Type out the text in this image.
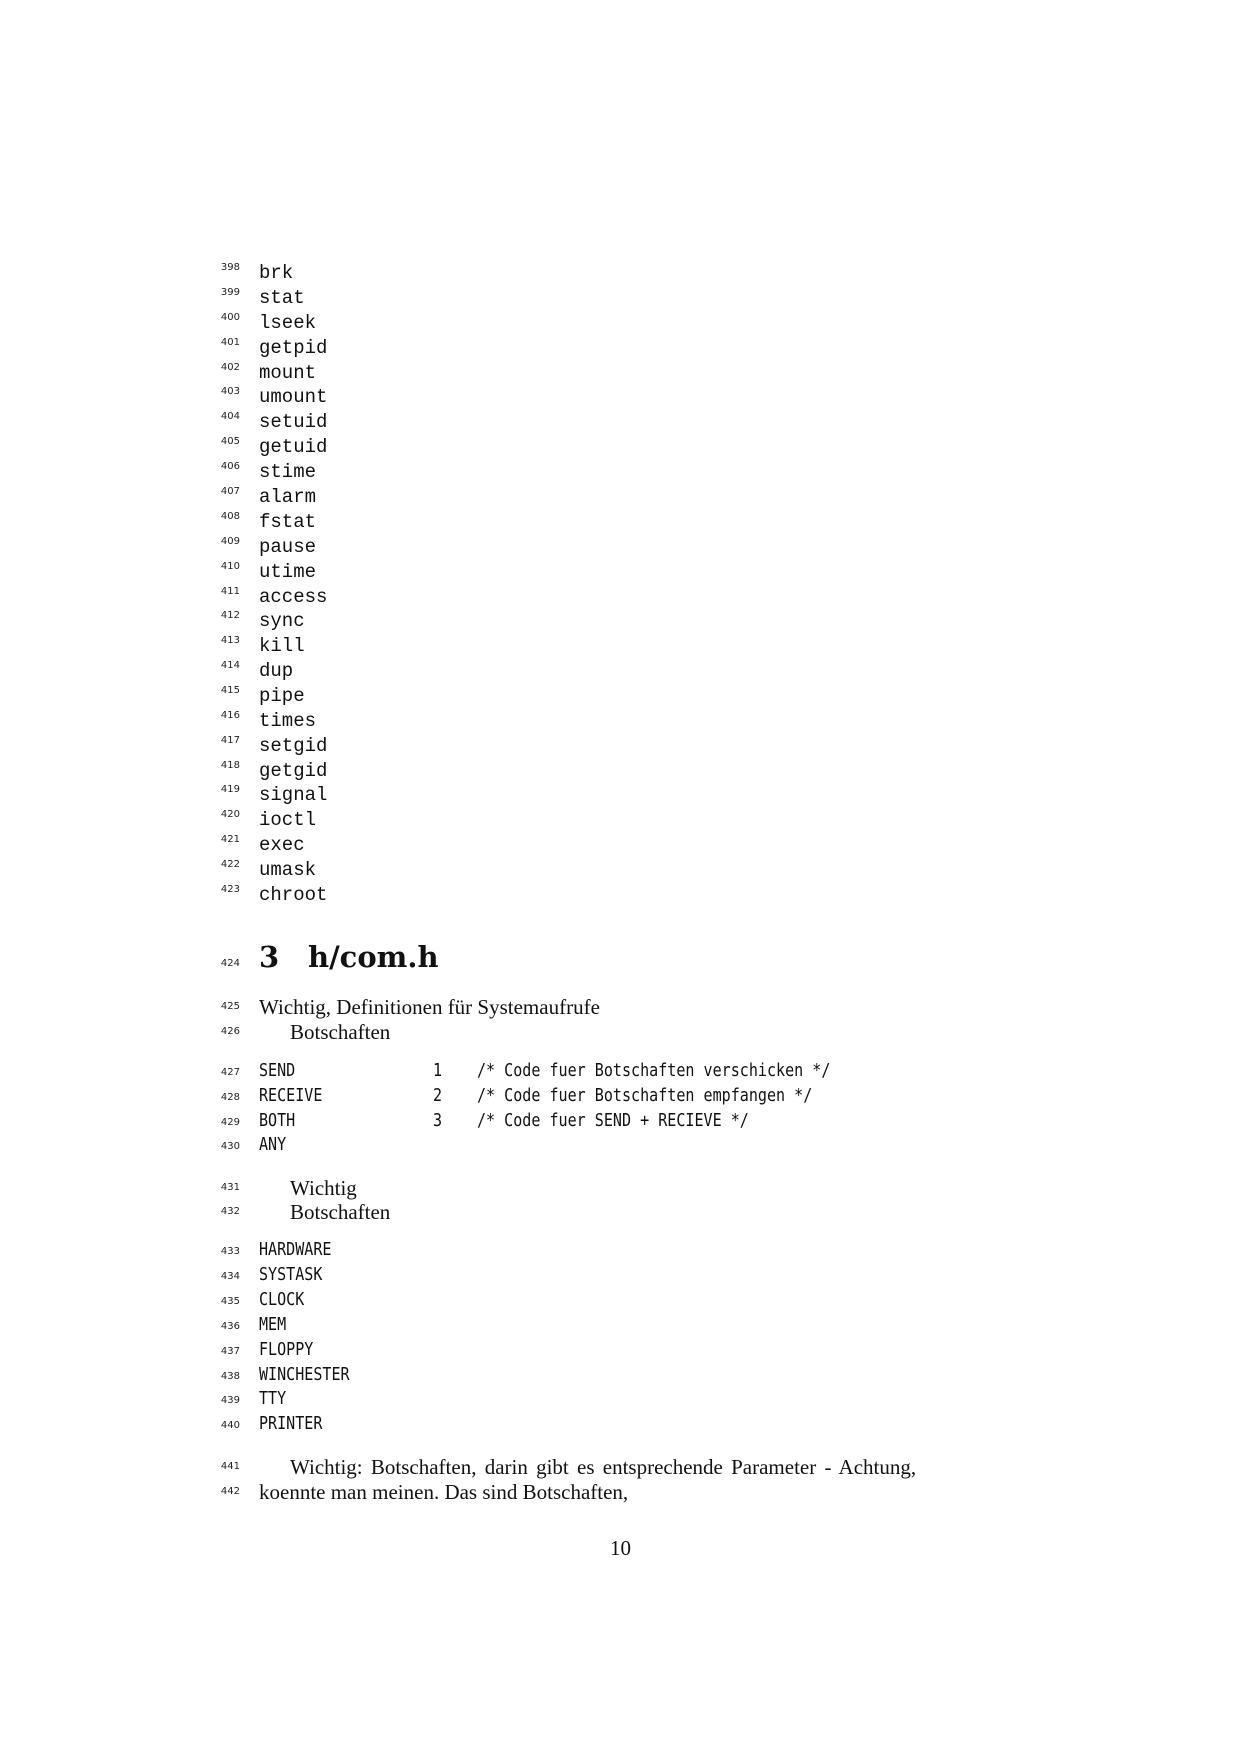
398 brk
399 stat
400 lseek
401 getpid
402 mount
403 umount
404 setuid
405 getuid
406 stime
407 alarm
408 fstat
409 pause
410 utime
411 access
412 sync
413 kill
414 dup
415 pipe
416 times
417 setgid
418 getgid
419 signal
420 ioctl
421 exec
422 umask
423 chroot
424 3 h/com.h
425 Wichtig, Definitionen für Systemaufrufe
426 Botschaften
427 SEND	1 /* Code fuer Botschaften verschicken */
428 RECEIVE	2 /* Code fuer Botschaften empfangen */
429 BOTH	3 /* Code fuer SEND + RECIEVE */
430 ANY
431 Wichtig
432 Botschaften
433 HARDWARE
434 SYSTASK
435 CLOCK
436 MEM
437 FLOPPY
438 WINCHESTER
439 TTY
440 PRINTER
441 Wichtig: Botschaften, darin gibt es entsprechende Parameter - Achtung,
442 koennte man meinen. Das sind Botschaften,
10
